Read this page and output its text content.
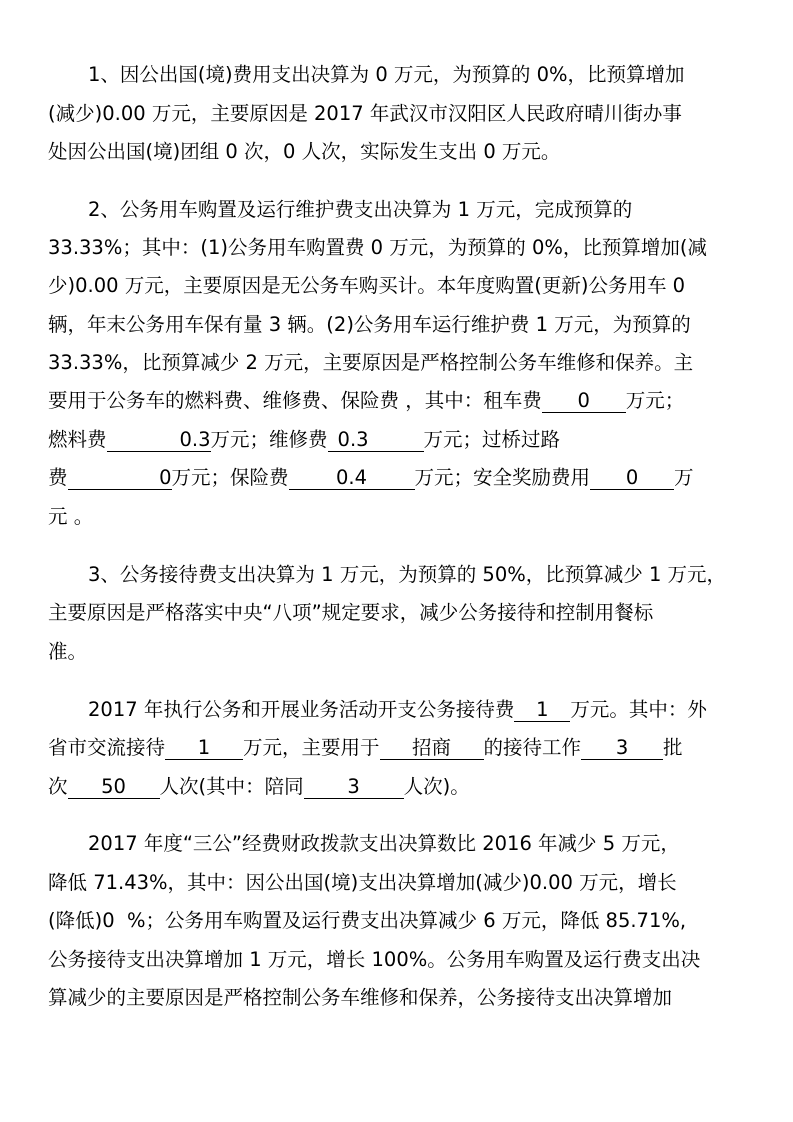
1、因公出国(境)费用支出决算为 0 万元，为预算的 0%，比预算增加
(减少)0.00 万元，主要原因是 2017 年武汉市汉阳区人民政府晴川街办事
处因公出国(境)团组 0 次，0 人次，实际发生支出 0 万元。
2、公务用车购置及运行维护费支出决算为 1 万元，完成预算的
33.33%；其中：(1)公务用车购置费 0 万元，为预算的 0%，比预算增加(减
少)0.00 万元，主要原因是无公务车购买计。本年度购置(更新)公务用车 0
辆，年末公务用车保有量 3 辆。(2)公务用车运行维护费 1 万元，为预算的
33.33%，比预算减少 2 万元，主要原因是严格控制公务车维修和保养。主
要用于公务车的燃料费、维修费、保险费 ，其中：租车费 0 万元；
燃料费	0.3万元；维修费 0.3	万元；过桥过路
费	0万元；保险费 0.4 万元；安全奖励费用 0 万
元 。
3、公务接待费支出决算为 1 万元，为预算的 50%，比预算减少 1 万元，
主要原因是严格落实中央“八项”规定要求，减少公务接待和控制用餐标
准。
2017 年执行公务和开展业务活动开支公务接待费 1 万元。其中：外
省市交流接待 1 万元，主要用于 招商 的接待工作 3 批
次 50 人次(其中：陪同 3 人次)。
2017 年度“三公”经费财政拨款支出决算数比 2016 年减少 5 万元，
降低 71.43%，其中：因公出国(境)支出决算增加(减少)0.00 万元，增长
(降低)0  %；公务用车购置及运行费支出决算减少 6 万元，降低 85.71%,
公务接待支出决算增加 1 万元，增长 100%。公务用车购置及运行费支出决
算减少的主要原因是严格控制公务车维修和保养，公务接待支出决算增加
